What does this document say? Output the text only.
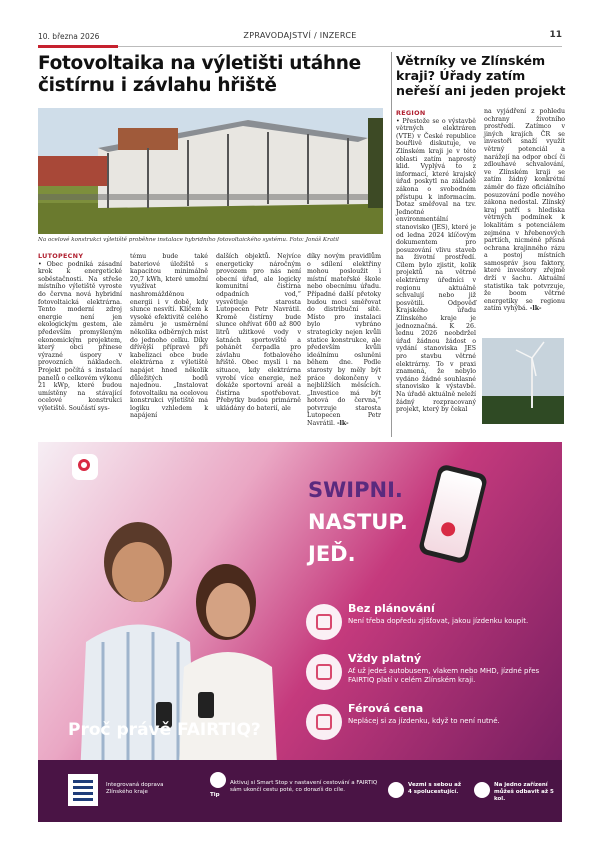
10. března 2026	ZPRAVODAJSTVÍ / INZERCE	11
Fotovoltaika na výletišti utáhne čistírnu i závlahu hřiště
Na ocelové konstrukci výletiště proběhne instalace hybridního fotovoltaického systému. Foto: Jonáš Kratil
LUTOPECNY

• Obec podniká zásadní krok k energetické soběstačnosti. Na střeše místního výletiště vyroste do června nová hybridní fotovoltaická elektrárna. Tento moderní zdroj energie není jen ekologickým gestem, ale především promyšleným ekonomickým projektem, který obci přinese výrazné úspory v provozních nákladech. Projekt počítá s instalací panelů o celkovém výkonu 21 kWp, které budou umístěny na stávající ocelové konstrukci výletiště. Součástí sys-

tému bude také bateriové úložiště s kapacitou minimálně 20,7 kWh, které umožní využívat nashromážděnou energii i v době, kdy slunce nesvítí. Klíčem k vysoké efektivitě celého záměru je usměrnění několika odběrných míst do jednoho celku. Díky dřívější přípravě při kabelizaci obce bude elektrárna z výletiště napájet hned několik důležitých bodů najednou. „Instalovat fotovoltaiku na ocelovou konstrukci výletiště má logiku vzhledem k napájení

dalších objektů. Nejvíce energeticky náročným provozem pro nás není obecní úřad, ale logicky komunitní čistírna odpadních vod,” vysvětluje starosta Lutopecen Petr Navrátil. Kromě čistírny bude slunce ohřívat 600 až 800 litrů užitkové vody v šatnách sportoviště a pohánět čerpadla pro závlahu fotbalového hřiště. Obec myslí i na situace, kdy elektrárna vyrobí více energie, než dokáže sportovní areál a čistírna spotřebovat. Přebytky budou primárně ukládány do baterií, ale

díky novým pravidlům o sdílení elektřiny mohou posloužit i místní mateřské škole nebo obecnímu úřadu. Případné další přetoky budou moci směřovat do distribuční sítě. Místo pro instalaci bylo vybráno strategicky nejen kvůli statice konstrukce, ale především kvůli ideálnímu osluněni během dne. Podle starosty by měly být práce dokončeny v nejbližších měsících. „Investice má být hotová do června,” potvrzuje starosta Lutopecen Petr Navrátil. -lk-

Větrníky ve Zlínském kraji? Úřady zatím neřeší ani jeden projekt
REGION

• Přestože se o výstavbě větrných elektráren (VTE) v České republice bouřlivě diskutuje, ve Zlínském kraji je v této oblasti zatím naprostý klid. Vyplývá to z informací, které krajský úřad poskytl na základě zákona o svobodném přístupu k informacím. Dotaz směřoval na tzv. Jednotné environmentální stanovisko (JES), které je od ledna 2024 klíčovým dokumentem pro posuzování vlivu staveb na životní prostředí. Cílem bylo zjistit, kolik projektů na větrné elektrárny úředníci v regionu aktuálně schvalují nebo již posvětili. Odpověď Krajského úřadu Zlínského kraje je jednoznačná. K 26. lednu 2026 neobdržel úřad žádnou žádost o vydání stanoviska JES pro stavbu větrné elektrárny. To v praxi znamená, že nebylo vydáno žádné souhlasné stanovisko k výstavbě. Na úřadě aktuálně neleží žádný rozpracovaný projekt, který by čekal

na vyjádření z pohledu ochrany životního prostředí. Zatímco v jiných krajích ČR se investoři snaží využít větrný potenciál a narážejí na odpor obcí či zdlouhavé schvalování, ve Zlínském kraji se zatím žádný konkrétní záměr do fáze oficiálního posuzování podle nového zákona nedostal. Zlínský kraj patří s hlediska větrných podmínek k lokalitám s potenciálem zejména v hřebenových partiích, nicméně přísná ochrana krajinného rázu a postoj místních samospráv jsou faktory, které investory zřejmě drží v šachu. Aktuální statistika tak potvrzuje, že boom větrné energetiky se regionu zatím vyhýbá. -lk-

SWIPNI.
NASTUP.
JEĎ.
Bez plánování

Není třeba dopředu zjišťovat, jakou jízdenku koupit.

Vždy platný

Ať už jedeš autobusem, vlakem nebo MHD, jízdné přes FAIRTIQ platí v celém Zlínském kraji.

Férová cena

Neplácej si za jízdenku, když to není nutné.

Proč právě FAIRTIQ?
Integrovaná doprava Zlínského kraje	Tip
Aktivuj si Smart Stop v nastavení cestování a FAIRTIQ sám ukončí cestu poté, co dorazíš do cíle.
Vezmi s sebou až 4 spolucestující.
Na jedno zařízení můžeš odbavit až 5 kol.
